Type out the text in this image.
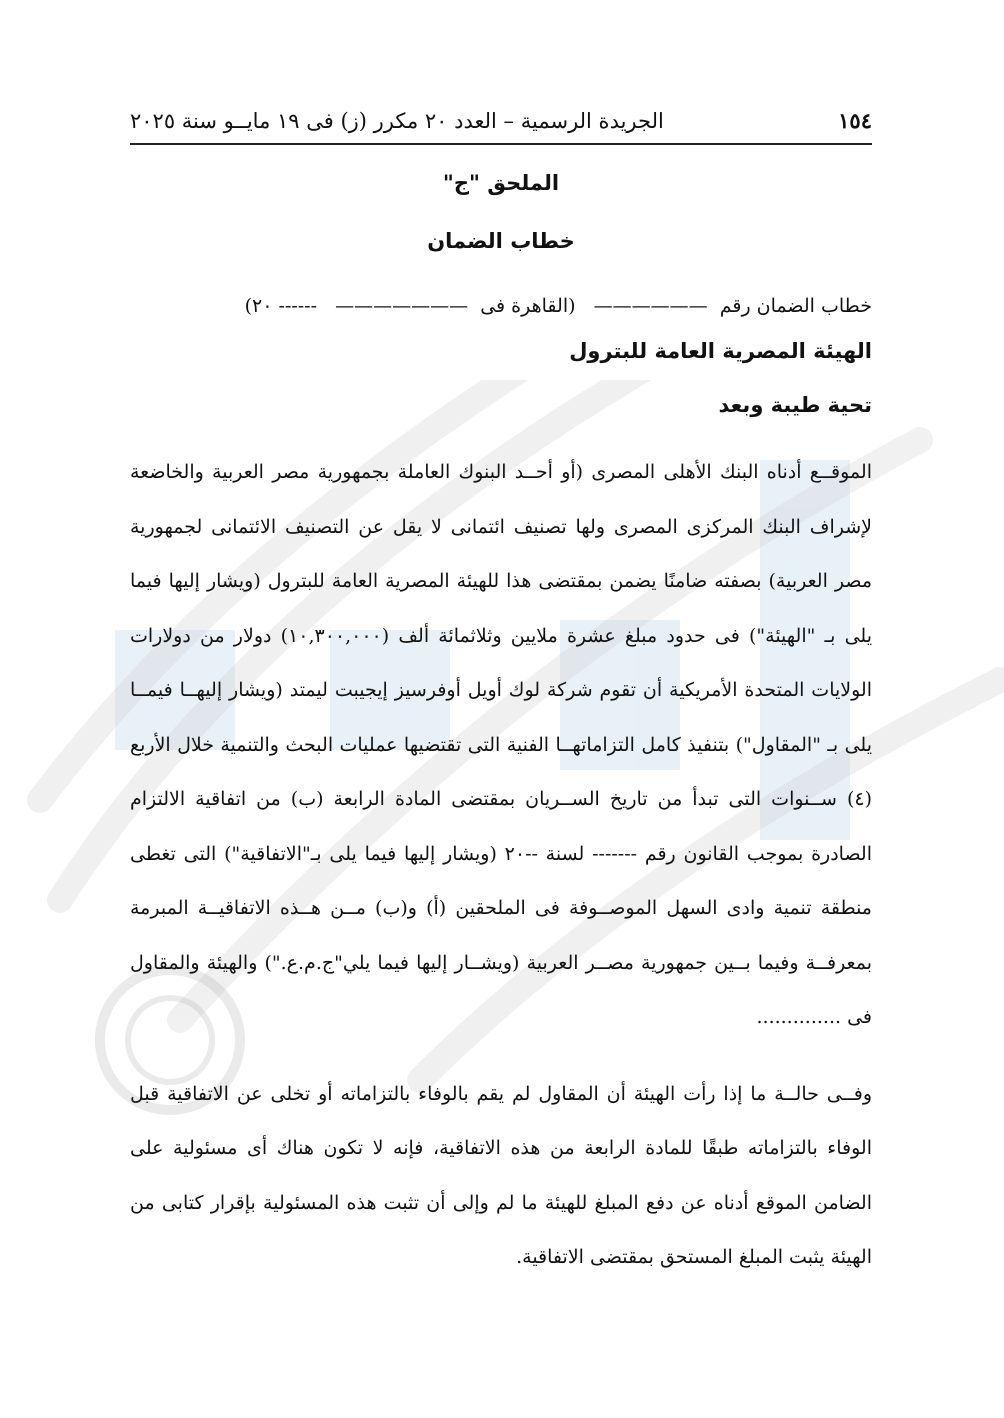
١٥٤
الجريدة الرسمية – العدد ٢٠ مكرر (ز) فى ١٩ مايــو سنة ٢٠٢٥
الملحق "ج"
خطاب الضمان
خطاب الضمان رقم  ——————   (القاهرة فى  ———————   ------ ٢٠)
الهيئة المصرية العامة للبترول
تحية طيبة وبعد

الموقــع أدناه البنك الأهلى المصرى (أو أحــد البنوك العاملة بجمهورية مصر العربية والخاضعة لإشراف البنك المركزى المصرى ولها تصنيف ائتمانى لا يقل عن التصنيف الائتمانى لجمهورية مصر العربية) بصفته ضامنًا يضمن بمقتضى هذا للهيئة المصرية العامة للبترول (ويشار إليها فيما يلى بـ "الهيئة") فى حدود مبلغ عشرة ملايين وثلاثمائة ألف (١٠,٣٠٠,٠٠٠) دولار من دولارات الولايات المتحدة الأمريكية أن تقوم شركة لوك أويل أوفرسيز إيجيبت ليمتد (ويشار إليهــا فيمــا يلى بـ "المقاول") بتنفيذ كامل التزاماتهــا الفنية التى تقتضيها عمليات البحث والتنمية خلال الأربع (٤) ســنوات التى تبدأ من تاريخ الســريان بمقتضى المادة الرابعة (ب) من اتفاقية الالتزام الصادرة بموجب القانون رقم ------- لسنة --٢٠ (ويشار إليها فيما يلى بـ"الاتفاقية") التى تغطى منطقة تنمية وادى السهل الموصــوفة فى الملحقين (أ) و(ب) مــن هــذه الاتفاقيــة المبرمة بمعرفــة وفيما بــين جمهورية مصــر العربية (ويشــار إليها فيما يلي"ج.م.ع.") والهيئة والمقاول فى ..............

وفــى حالــة ما إذا رأت الهيئة أن المقاول لم يقم بالوفاء بالتزاماته أو تخلى عن الاتفاقية قبل الوفاء بالتزاماته طبقًا للمادة الرابعة من هذه الاتفاقية، فإنه لا تكون هناك أى مسئولية على الضامن الموقع أدناه عن دفع المبلغ للهيئة ما لم وإلى أن تثبت هذه المسئولية بإقرار كتابى من الهيئة يثبت المبلغ المستحق بمقتضى الاتفاقية.
